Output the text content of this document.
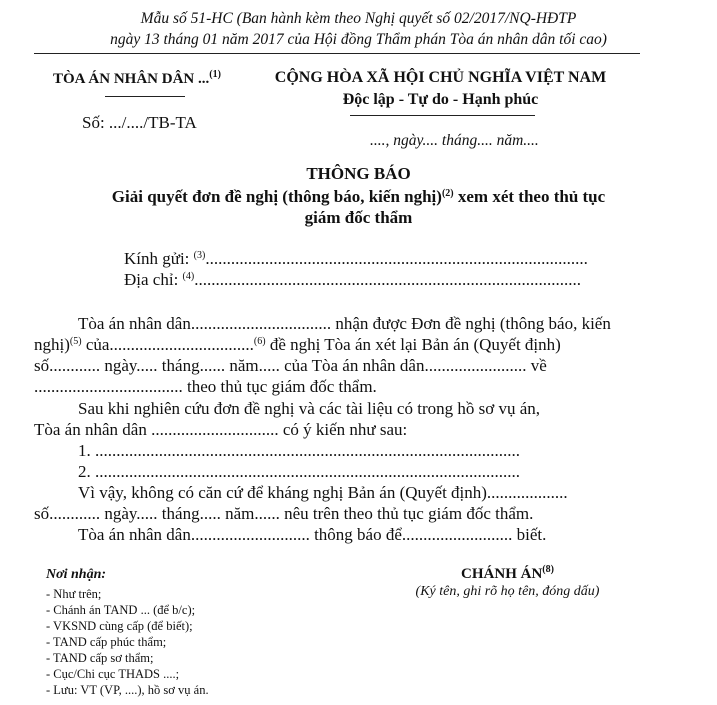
Mẫu số 51-HC (Ban hành kèm theo Nghị quyết số 02/2017/NQ-HĐTP
ngày 13 tháng 01 năm 2017 của Hội đồng Thẩm phán Tòa án nhân dân tối cao)
TÒA ÁN NHÂN DÂN ...$^{(1)}$
Số: .../..../TB-TA
CỘNG HÒA XÃ HỘI CHỦ NGHĨA VIỆT NAM
Độc lập - Tự do - Hạnh phúc
...., ngày.... tháng.... năm....
THÔNG BÁO
Giải quyết đơn đề nghị (thông báo, kiến nghị)$^{(2)}$ xem xét theo thủ tục
giám đốc thẩm
Kính gửi: $^{(3)}$..........................................................................................
Địa chỉ: $^{(4)}$...........................................................................................
Tòa án nhân dân................................. nhận được Đơn đề nghị (thông báo, kiến
nghị)$^{(5)}$ của..................................$^{(6)}$ đề nghị Tòa án xét lại Bản án (Quyết định)
số............ ngày..... tháng...... năm..... của Tòa án nhân dân........................ về
................................... theo thủ tục giám đốc thẩm.
Sau khi nghiên cứu đơn đề nghị và các tài liệu có trong hồ sơ vụ án,
Tòa án nhân dân .............................. có ý kiến như sau:
1. ....................................................................................................
2. ....................................................................................................
Vì vậy, không có căn cứ để kháng nghị Bản án (Quyết định)...................
số............ ngày..... tháng..... năm...... nêu trên theo thủ tục giám đốc thẩm.
Tòa án nhân dân............................ thông báo để.......................... biết.
Nơi nhận:
- Như trên;
- Chánh án TAND ... (để b/c);
- VKSND cùng cấp (để biết);
- TAND cấp phúc thẩm;
- TAND cấp sơ thẩm;
- Cục/Chi cục THADS ....;
- Lưu: VT (VP, ....), hồ sơ vụ án.
CHÁNH ÁN$^{(8)}$
(Ký tên, ghi rõ họ tên, đóng dấu)
